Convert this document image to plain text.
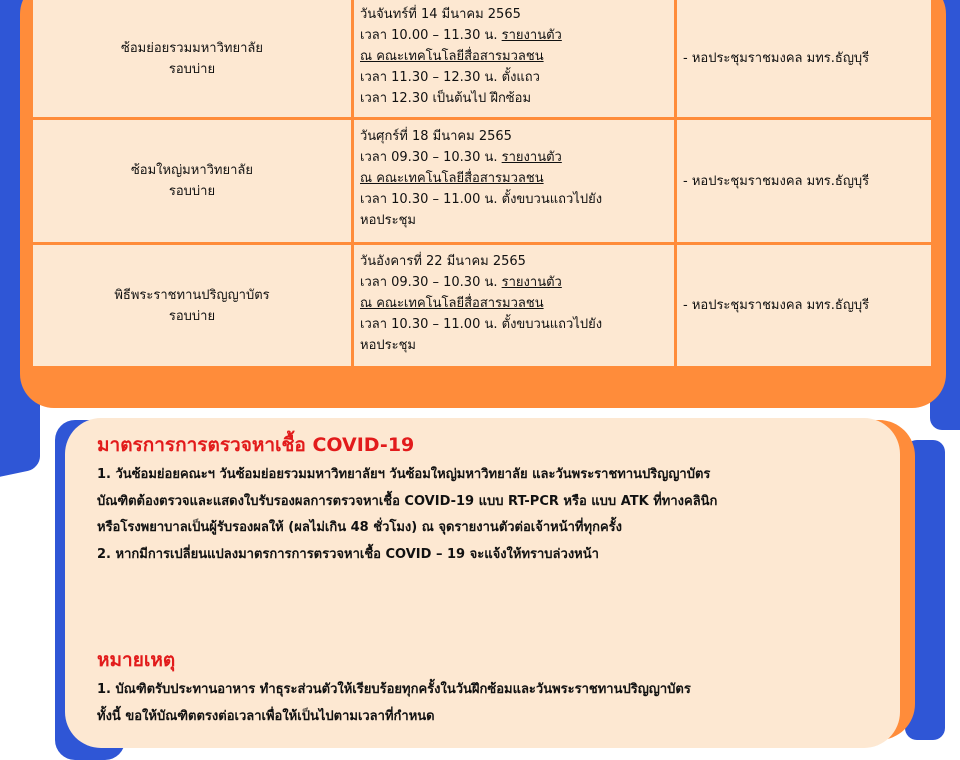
ซ้อมย่อยรวมมหาวิทยาลัย
รอบบ่าย
วันจันทร์ที่ 14 มีนาคม 2565
เวลา 10.00 – 11.30 น. รายงานตัว
ณ คณะเทคโนโลยีสื่อสารมวลชน
เวลา 11.30 – 12.30 น. ตั้งแถว
เวลา 12.30 เป็นต้นไป ฝึกซ้อม
- หอประชุมราชมงคล มทร.ธัญบุรี
ซ้อมใหญ่มหาวิทยาลัย
รอบบ่าย
วันศุกร์ที่ 18 มีนาคม 2565
เวลา 09.30 – 10.30 น. รายงานตัว
ณ คณะเทคโนโลยีสื่อสารมวลชน
เวลา 10.30 – 11.00 น. ตั้งขบวนแถวไปยัง
หอประชุม
- หอประชุมราชมงคล มทร.ธัญบุรี
พิธีพระราชทานปริญญาบัตร
รอบบ่าย
วันอังคารที่ 22 มีนาคม 2565
เวลา 09.30 – 10.30 น. รายงานตัว
ณ คณะเทคโนโลยีสื่อสารมวลชน
เวลา 10.30 – 11.00 น. ตั้งขบวนแถวไปยัง
หอประชุม
- หอประชุมราชมงคล มทร.ธัญบุรี
มาตรการการตรวจหาเชื้อ COVID-19
1. วันซ้อมย่อยคณะฯ วันซ้อมย่อยรวมมหาวิทยาลัยฯ วันซ้อมใหญ่มหาวิทยาลัย และวันพระราชทานปริญญาบัตร
บัณฑิตต้องตรวจและแสดงใบรับรองผลการตรวจหาเชื้อ COVID-19 แบบ RT-PCR หรือ แบบ ATK ที่ทางคลินิก
หรือโรงพยาบาลเป็นผู้รับรองผลให้ (ผลไม่เกิน 48 ชั่วโมง) ณ จุดรายงานตัวต่อเจ้าหน้าที่ทุกครั้ง
2. หากมีการเปลี่ยนแปลงมาตรการการตรวจหาเชื้อ COVID – 19 จะแจ้งให้ทราบล่วงหน้า
หมายเหตุ
1. บัณฑิตรับประทานอาหาร ทำธุระส่วนตัวให้เรียบร้อยทุกครั้งในวันฝึกซ้อมและวันพระราชทานปริญญาบัตร
ทั้งนี้ ขอให้บัณฑิตตรงต่อเวลาเพื่อให้เป็นไปตามเวลาที่กำหนด
